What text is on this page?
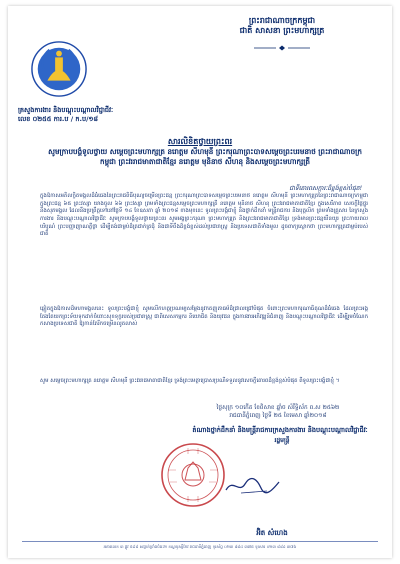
ព្រះរាជាណាចក្រកម្ពុជា
ជាតិ សាសនា ព្រះមហាក្សត្រ
គ្រសួងការងារ និងបណ្តុះបណ្តាលវិជ្ជាជីវៈ
លេខ ០២៥៥ ការ.ប / ក.ប/១៨
សារលិខិតថ្វាយព្រះពរ
សូមក្រាបបង្គំទូលថ្វាយ សម្តេចព្រះមហាក្សត្រ នរោត្តម សីហមុនី ព្រះករុណាព្រះបាទសម្តេចព្រះបរមនាថ ព្រះរាជាណាចក្រកម្ពុជា ព្រះវររាជមាតាជាតិខ្មែរ នរោត្តម មុនិនាថ សីហនុ និងសម្តេចព្រះមហាក្សត្រី
ជាទីគោរពសក្ការៈដ៏ខ្ពង់ខ្ពស់បំផុត!
ក្នុងឱកាសអភិលក្ខិតមង្គលដ៏ធំធេងនៃព្រះរាជពិធីបុណ្យចម្រើនព្រះជន្ម ព្រះករុណាព្រះបាទសម្តេចព្រះបរមនាថ នរោត្តម សីហមុនី ព្រះមហាក្សត្រនៃព្រះរាជាណាចក្រកម្ពុជា ក្នុងព្រះជន្ម ៦៥ ព្រះវស្សា យាងចូល ៦៦ ព្រះវស្សា ព្រមទាំងព្រះជន្មសម្តេចព្រះមហាក្សត្រី នរោត្តម មុនិនាថ សីហនុ ព្រះវររាជមាតាជាតិខ្មែរ ក្នុងសេរីភាព សេចក្តីថ្លៃថ្នូរ និងសុភមង្គល ដែលនឹងប្រព្រឹត្តទៅនៅថ្ងៃទី ១៤ ខែឧសភា ឆ្នាំ ២០១៨ ខាងមុខនេះ ទូលព្រះបង្គំជាខ្ញុំ និងថ្នាក់ដឹកនាំ មន្ត្រីរាជការ និងបុគ្គលិក ព្រមទាំងគ្រួសារ នៃក្រសួងការងារ និងបណ្តុះបណ្តាលវិជ្ជាជីវៈ សូមក្រាបបង្គំទូលថ្វាយព្រះពរ សូមអង្គព្រះករុណា ព្រះមហាក្សត្រ និងព្រះវររាជមាតាជាតិខ្មែរ ទ្រង់មានព្រះជន្មយឺនយូរ ព្រះកាយពលបរិបូណ៌ ព្រះបញ្ញាញាណភ្លឺថ្លា ដើម្បីគង់ជាម្លប់ដ៏ត្រជាក់ត្រជុំ និងជាទីពឹងដ៏ខ្ពង់ខ្ពស់ដល់ប្រជារាស្ត្រ និងប្រទេសជាតិទាំងមូល ដូចពាក្យស្លោកថា ព្រះមហាក្សត្រជាម្លប់របស់ជាតិ
ឆ្លៀតក្នុងឱកាសដ៏មហាមង្គលនេះ ទូលព្រះបង្គំជាខ្ញុំ សូមលើកហត្ថប្រណម្យសម្តែងនូវកតញ្ញុតាធម៌ដ៏ជ្រាលជ្រៅបំផុត ចំពោះព្រះមហាករុណាធិគុណដ៏ធំធេង ដែលព្រះអង្គតែងតែយកព្រះទ័យទុកដាក់ចំពោះសុខទុក្ខរបស់ប្រជារាស្ត្រ ជាពិសេសកម្មករ និយោជិត និងយុវជន ក្នុងការងារអភិវឌ្ឍន៍ជំនាញ និងបណ្តុះបណ្តាលវិជ្ជាជីវៈ ដើម្បីរួមចំណែកកសាងប្រទេសជាតិ ឱ្យកាន់តែរីកចម្រើនលូតលាស់
សូម សម្តេចព្រះមហាក្សត្រ នរោត្តម សីហមុនី ព្រះវររាជមាតាជាតិខ្មែរ ទ្រង់ព្រះមេត្តាប្រោសប្រណីទទួលនូវសេចក្តីគោរពដ៏ខ្ពង់ខ្ពស់បំផុត ពីទូលព្រះបង្គំជាខ្ញុំ ។
ថ្ងៃសុក្រ ១០កើត ខែពិសាខ ឆ្នាំច សំរឹទ្ធិស័ក ព.ស ២៥៦២
រាជធានីភ្នំពេញ ថ្ងៃទី ២៥ ខែមេសា ឆ្នាំ២០១៨
តំណាងថ្នាក់ដឹកនាំ និងមន្ត្រីរាជការក្រសួងការងារ និងបណ្តុះបណ្តាលវិជ្ជាជីវៈ
រដ្ឋមន្ត្រី
អ៊ិត សំហេង
អគារលេខ ៣ ផ្លូវ ៥៩៨ សង្កាត់ច្រាំងចំរេះ២ ខណ្ឌឫស្សីកែវ រាជធានីភ្នំពេញ ទូរស័ព្ទ ០២៣ ៨៨៤ ៣៧៥ ទូរសារ ០២៣ ៨៨៤ ៣៧៦
